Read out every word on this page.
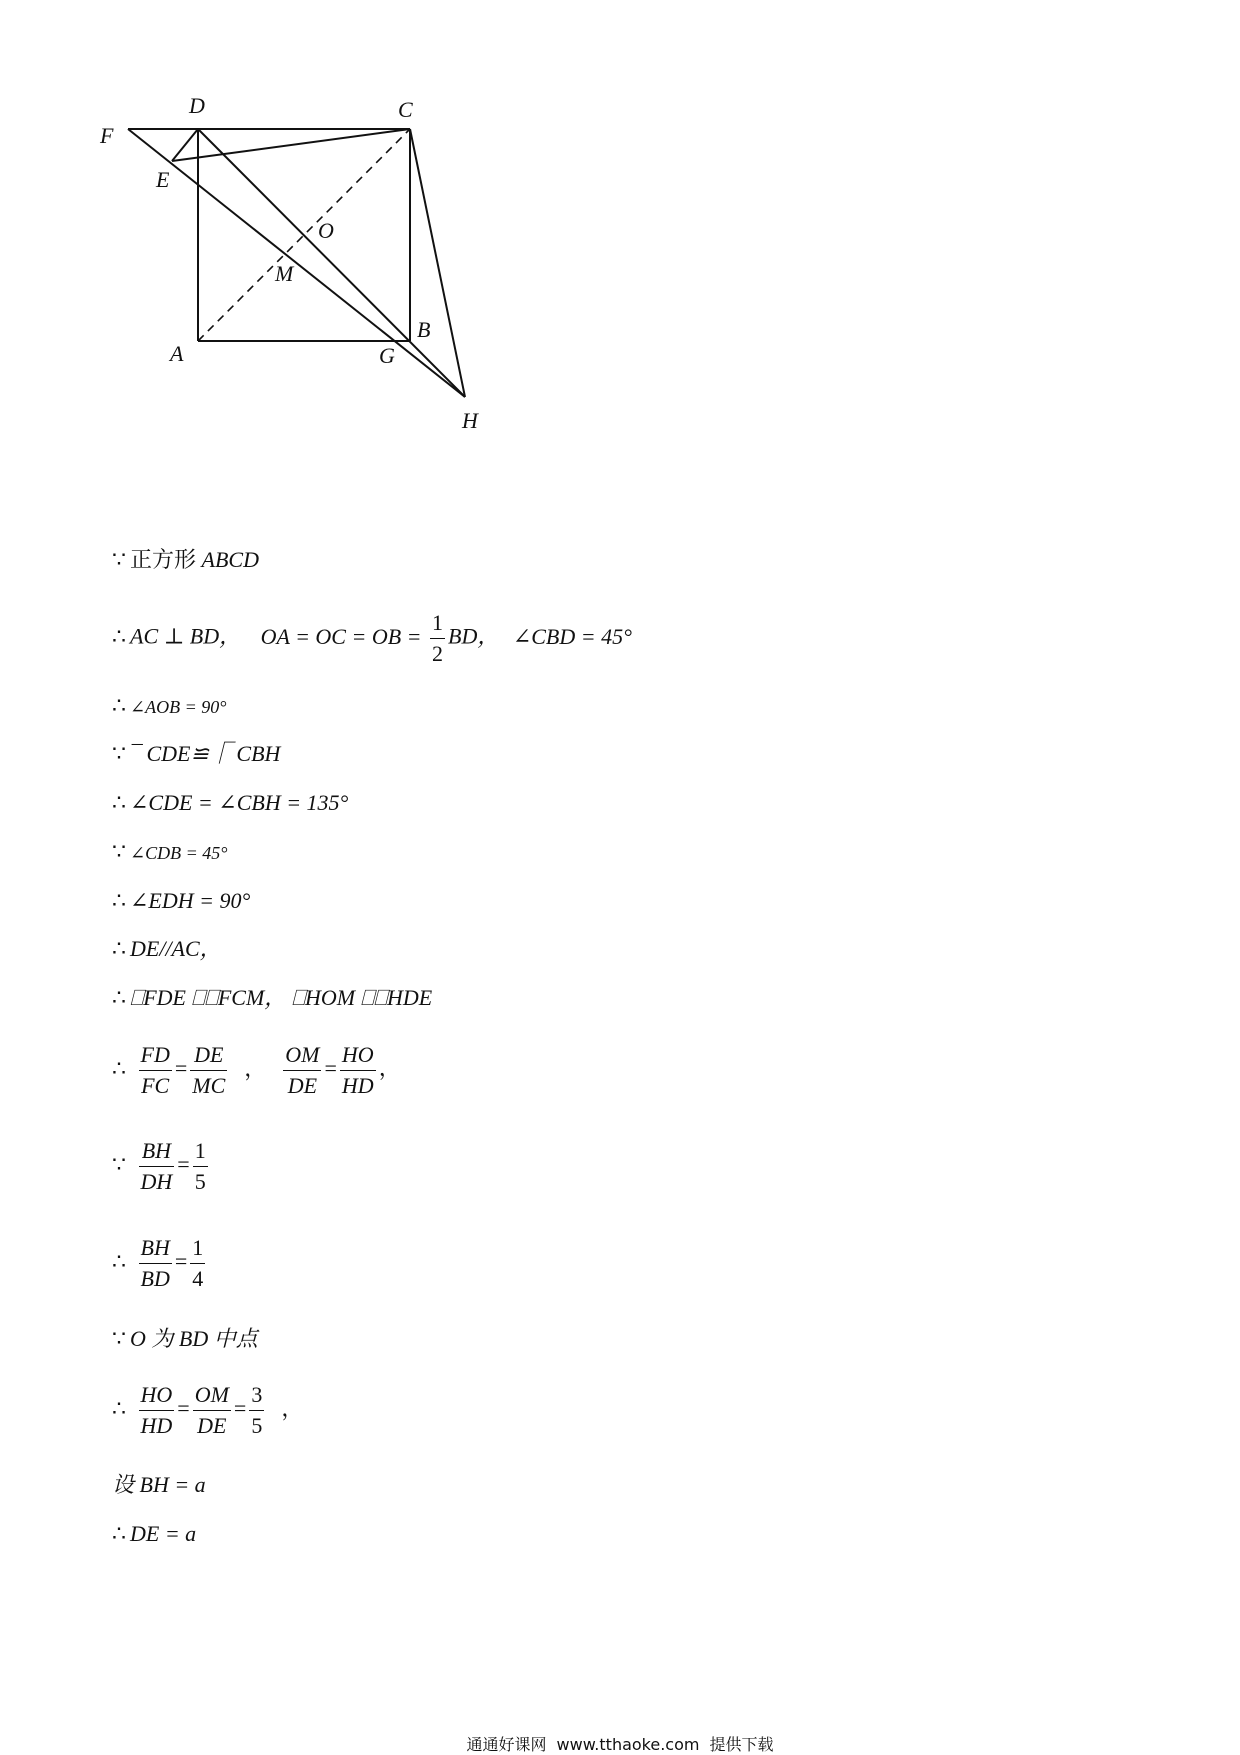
F
D	C
E
O
M
B
A	G
H
∵ 正方形 ABCD
∴ AC ⊥ BD， OA = OC = OB = $\frac{1}{2}$ BD， ∠CBD = 45°
∴ ∠AOB = 90°
∵ ¯ CDE≌⎾ CBH
∴ ∠CDE = ∠CBH = 135°
∵ ∠CDB = 45°
∴ ∠EDH = 90°
∴ DE//AC，
∴ ⎕FDE ⎕⎕FCM， ⎕HOM ⎕⎕HDE
∴ $\frac{FD}{FC} = \frac{DE}{MC}$ ， $\frac{OM}{DE} = \frac{HO}{HD}$ ，
∵ $\frac{BH}{DH} = \frac{1}{5}$
∴ $\frac{BH}{BD} = \frac{1}{4}$
∵ O 为 BD 中点
∴ $\frac{HO}{HD} = \frac{OM}{DE} = \frac{3}{5}$ ，
设 BH = a
∴ DE = a
通通好课网 www.tthaoke.com 提供下载
